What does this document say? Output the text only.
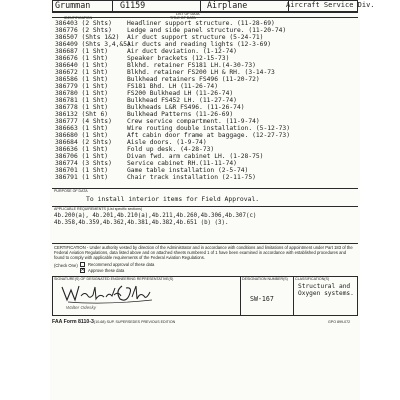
Grumman	G1159	Airplane	Aircraft Service Div.
LIST OF DATA
IDENTIFICATION	TITLE OF DATA
386403 (2 Shts) Headliner support structure. (11-28-69)
386776 (2 Shts) Ledge and side panel structure. (11-20-74)
386507 (Shts 1&2) Air duct support structure (5-24-71)
386409 (Shts 3,4,&5)Air ducts and reading lights (12-3-69)
386687 (1 Sht)	Air duct deviation. (1-12-74)
386676 (1 Sht)	Speaker brackets (12-15-73)
386640 (1 Sht)	Blkhd. retainer FS181 LH.(4-30-73)
386672 (1 Sht)	Blkhd. retainer FS200 LH & RH. (3-14-73
386586 (1 Sht)	Bulkhead retainers FS496 (11-20-72)
386779 (1 Sht)	FS181 Bhd. LH (11-26-74)
386780 (1 Sht)	FS200 Bulkhead LH (11-26-74)
386781 (1 Sht)	Bulkhead FS452 LH. (11-27-74)
386778 (1 Sht)	Bulkheads L&R FS496. (11-26-74)
386132 (Sht 6)	Bulkhead Patterns (11-26-69)
386777 (4 Shts) Crew service compartment. (11-9-74)
386663 (1 Sht)	Wire routing double installation. (5-12-73)
386680 (1 Sht)	Aft cabin door frame at baggage. (12-27-73)
386684 (2 Shts) Aisle doors. (1-9-74)
386636 (1 Sht)	Fold up desk. (4-28-73)
386706 (1 Sht)	Divan fwd. arm cabinet LH. (1-28-75)
386774 (3 Shts) Service cabinet RH.(11-11-74)
386701 (1 Sht)	Game table installation (2-5-74)
386791 (1 Sht)	Chair track installation (2-11-75)
PURPOSE OF DATA
To install interior items for Field Approval.
APPLICABLE REQUIREMENTS (List specific sections)
4b.200(a), 4b.201,4b.210(a),4b.211,4b.260,4b.306,4b.307(c) 4b.358,4b.359,4b.362,4b.381,4b.382,4b.651 (b) (3).
CERTIFICATION - Under authority vested by direction of the Administrator and in accordance with conditions and limitations of appointment under Part 183 of the Federal Aviation Regulations, data listed above and on attached sheets numbered 1 of 1 have been examined in accordance with established procedures and found to comply with applicable requirements of the Federal Aviation Regulations.
(Check One) Recommend approval of these data
✕
Approve these data
SIGNATURE(S) OF DESIGNATED ENGINEERING REPRESENTATIVE(S)	DESIGNATION NUMBER(S) CLASSIFICATION(S)
Walter Odesky
SW-167
Structural and Oxygen systems.
FAA Form 8110-3 (10-68) SUP. SUPERSEDES PREVIOUS EDITION	GPO 899-072
